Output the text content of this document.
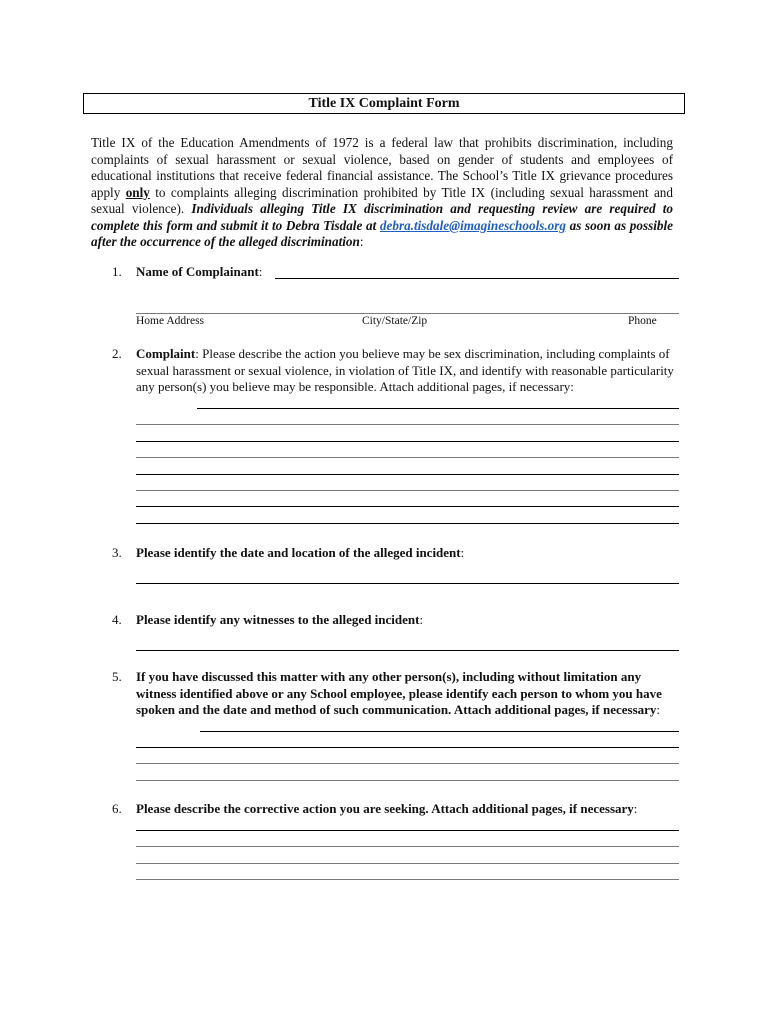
Title IX Complaint Form
Title IX of the Education Amendments of 1972 is a federal law that prohibits discrimination, including complaints of sexual harassment or sexual violence, based on gender of students and employees of educational institutions that receive federal financial assistance. The School’s Title IX grievance procedures apply only to complaints alleging discrimination prohibited by Title IX (including sexual harassment and sexual violence). Individuals alleging Title IX discrimination and requesting review are required to complete this form and submit it to Debra Tisdale at debra.tisdale@imagineschools.org as soon as possible after the occurrence of the alleged discrimination:
1. Name of Complainant:
Home Address	City/State/Zip	Phone
2. Complaint: Please describe the action you believe may be sex discrimination, including complaints of sexual harassment or sexual violence, in violation of Title IX, and identify with reasonable particularity any person(s) you believe may be responsible. Attach additional pages, if necessary:
3. Please identify the date and location of the alleged incident:
4. Please identify any witnesses to the alleged incident:
5. If you have discussed this matter with any other person(s), including without limitation any witness identified above or any School employee, please identify each person to whom you have spoken and the date and method of such communication. Attach additional pages, if necessary:
6. Please describe the corrective action you are seeking. Attach additional pages, if necessary:
